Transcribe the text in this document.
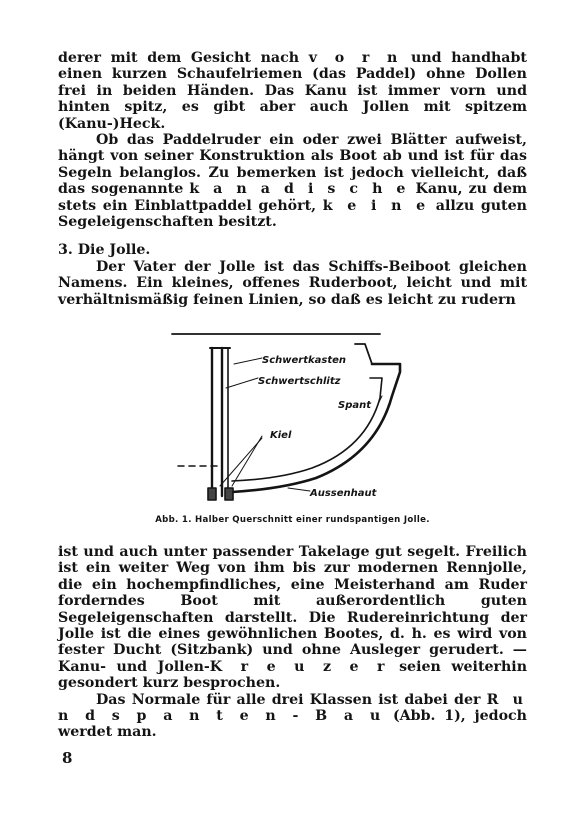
derer mit dem Gesicht nach v o r n und handhabt einen kurzen Schaufelriemen (das Paddel) ohne Dollen frei in beiden Händen. Das Kanu ist immer vorn und hinten spitz, es gibt aber auch Jollen mit spitzem (Kanu-)Heck.

Ob das Paddelruder ein oder zwei Blätter aufweist, hängt von seiner Konstruktion als Boot ab und ist für das Segeln belanglos. Zu bemerken ist jedoch vielleicht, daß das sogenannte k a n a d i s c h e Kanu, zu dem stets ein Einblattpaddel gehört, k e i n e allzu guten Segeleigenschaften besitzt.

3. Die Jolle.

Der Vater der Jolle ist das Schiffs-Beiboot gleichen Namens. Ein kleines, offenes Ruderboot, leicht und mit verhältnismäßig feinen Linien, so daß es leicht zu rudern

Schwertkasten
Schwertschlitz
Spant
Kiel
Aussenhaut
Abb. 1. Halber Querschnitt einer rundspantigen Jolle.

ist und auch unter passender Takelage gut segelt. Freilich ist ein weiter Weg von ihm bis zur modernen Rennjolle, die ein hochempfindliches, eine Meisterhand am Ruder forderndes Boot mit außerordentlich guten Segeleigenschaften darstellt. Die Rudereinrichtung der Jolle ist die eines gewöhnlichen Bootes, d. h. es wird von fester Ducht (Sitzbank) und ohne Ausleger gerudert. — Kanu- und Jollen-K r e u z e r seien weiterhin gesondert kurz besprochen.

Das Normale für alle drei Klassen ist dabei der R u n d s p a n t e n - B a u (Abb. 1), jedoch werdet man.

8
